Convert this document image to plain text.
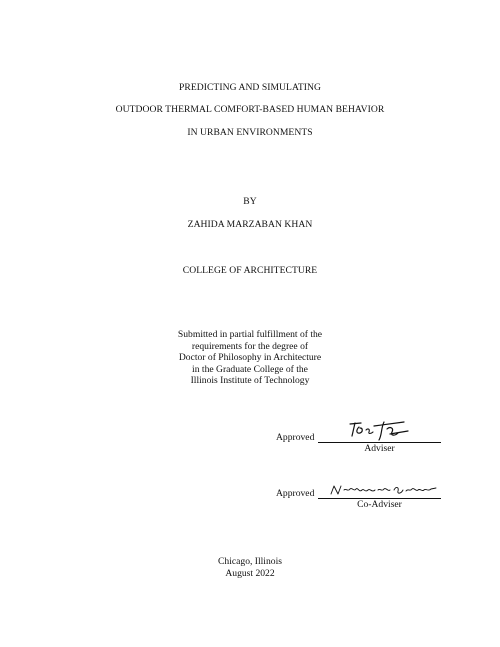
PREDICTING AND SIMULATING
OUTDOOR THERMAL COMFORT-BASED HUMAN BEHAVIOR
IN URBAN ENVIRONMENTS
BY
ZAHIDA MARZABAN KHAN
COLLEGE OF ARCHITECTURE
Submitted in partial fulfillment of the
requirements for the degree of
Doctor of Philosophy in Architecture
in the Graduate College of the
Illinois Institute of Technology
Approved
Adviser
Approved
Co-Adviser
Chicago, Illinois
August 2022
